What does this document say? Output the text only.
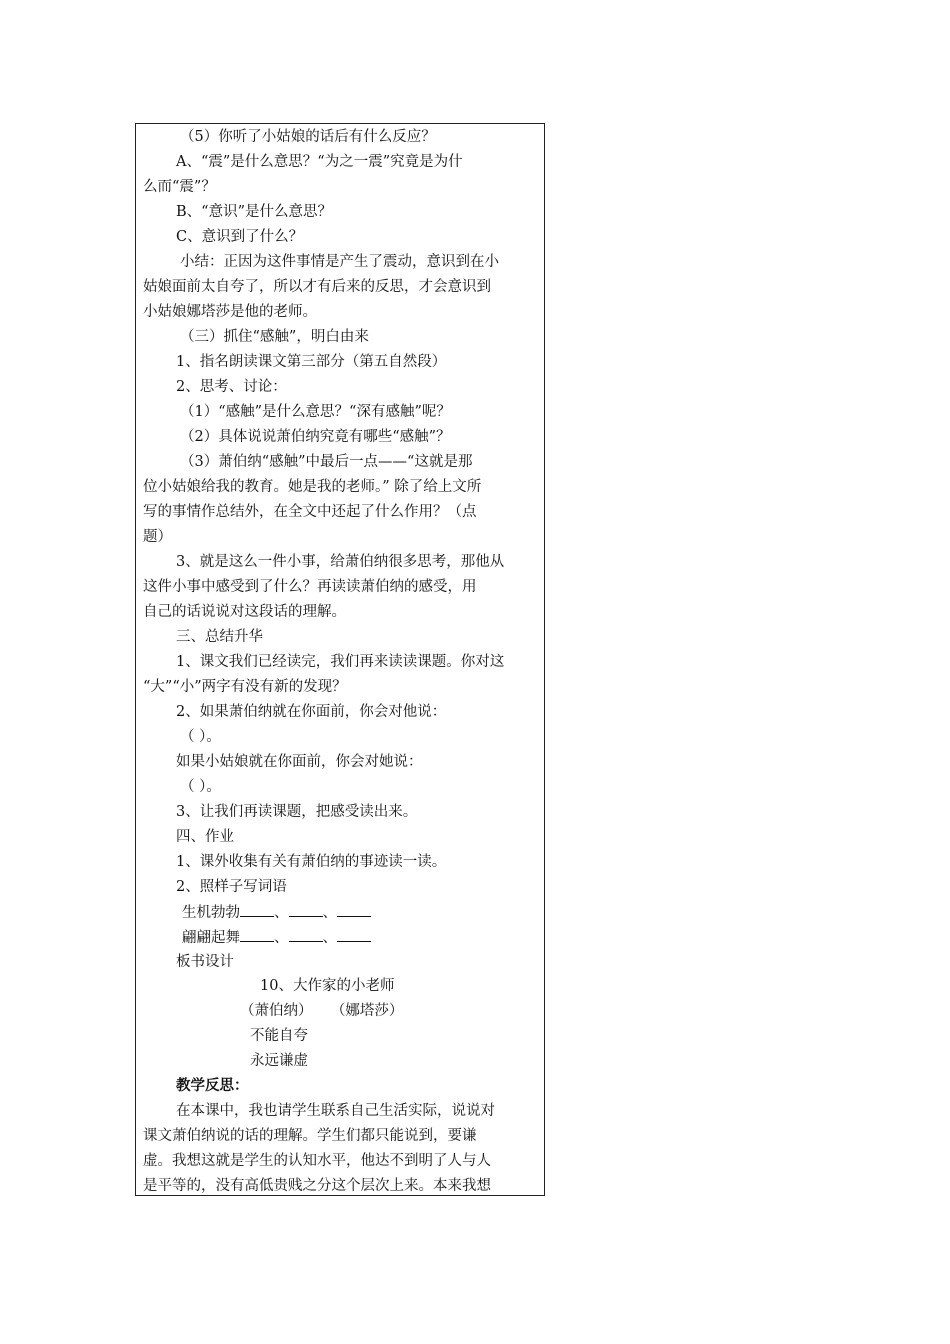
（5）你听了小姑娘的话后有什么反应？
A、“震”是什么意思？“为之一震”究竟是为什
么而“震”？
B、“意识”是什么意思？
C、意识到了什么？
小结：正因为这件事情是产生了震动，意识到在小
姑娘面前太自夸了，所以才有后来的反思，才会意识到
小姑娘娜塔莎是他的老师。
（三）抓住“感触”，明白由来
1、指名朗读课文第三部分（第五自然段）
2、思考、讨论：
（1）“感触”是什么意思？“深有感触”呢？
（2）具体说说萧伯纳究竟有哪些“感触”？
（3）萧伯纳“感触”中最后一点——“这就是那
位小姑娘给我的教育。她是我的老师。” 除了给上文所
写的事情作总结外，在全文中还起了什么作用？（点
题）
3、就是这么一件小事，给萧伯纳很多思考，那他从
这件小事中感受到了什么？再读读萧伯纳的感受，用
自己的话说说对这段话的理解。
三、总结升华
1、课文我们已经读完，我们再来读读课题。你对这
“大”“小”两字有没有新的发现？
2、如果萧伯纳就在你面前，你会对他说：
（ ）。
如果小姑娘就在你面前，你会对她说：
（ ）。
3、让我们再读课题，把感受读出来。
四、作业
1、课外收集有关有萧伯纳的事迹读一读。
2、照样子写词语
生机勃勃 、 、
翩翩起舞 、 、
板书设计
10、大作家的小老师
（萧伯纳）    （娜塔莎）
不能自夸
永远谦虚
教学反思：
在本课中，我也请学生联系自己生活实际，说说对
课文萧伯纳说的话的理解。学生们都只能说到，要谦
虚。我想这就是学生的认知水平，他达不到明了人与人
是平等的，没有高低贵贱之分这个层次上来。本来我想
